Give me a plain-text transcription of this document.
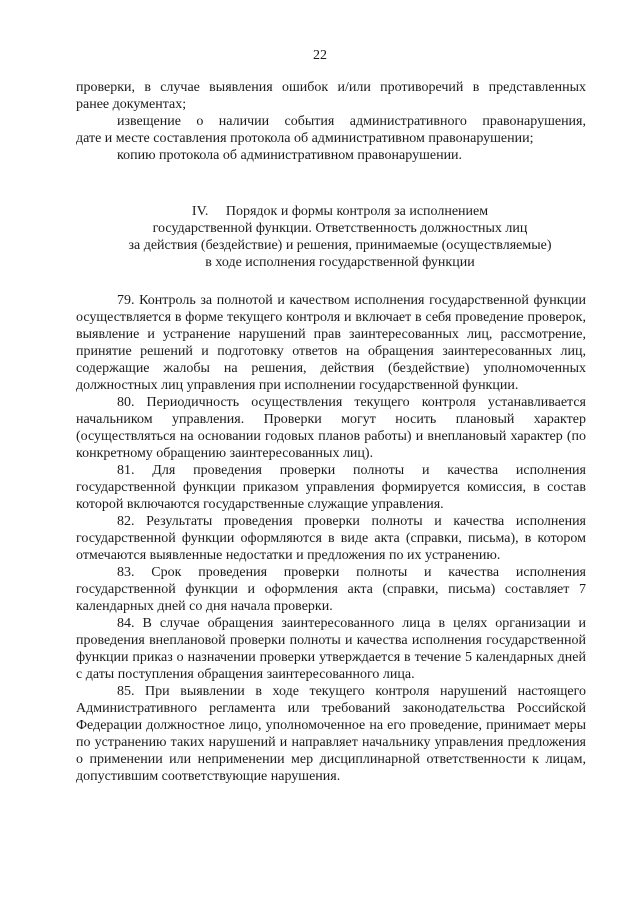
22
проверки, в случае выявления ошибок и/или противоречий в представленных
ранее документах;
извещение о наличии события административного правонарушения,
дате и месте составления протокола об административном правонарушении;
копию протокола об административном правонарушении.
IV.     Порядок и формы контроля за исполнением
государственной функции. Ответственность должностных лиц
за действия (бездействие) и решения, принимаемые (осуществляемые)
в ходе исполнения государственной функции

79. Контроль за полнотой и качеством исполнения государственной функции осуществляется в форме текущего контроля и включает в себя проведение проверок, выявление и устранение нарушений прав заинтересованных лиц, рассмотрение, принятие решений и подготовку ответов на обращения заинтересованных лиц, содержащие жалобы на решения, действия (бездействие) уполномоченных должностных лиц управления при исполнении государственной функции.

80. Периодичность осуществления текущего контроля устанавливается начальником управления. Проверки могут носить плановый характер (осуществляться на основании годовых планов работы) и внеплановый характер (по конкретному обращению заинтересованных лиц).

81. Для проведения проверки полноты и качества исполнения государственной функции приказом управления формируется комиссия, в состав которой включаются государственные служащие управления.

82. Результаты проведения проверки полноты и качества исполнения государственной функции оформляются в виде акта (справки, письма), в котором отмечаются выявленные недостатки и предложения по их устранению.

83. Срок проведения проверки полноты и качества исполнения государственной функции и оформления акта (справки, письма) составляет 7 календарных дней со дня начала проверки.

84. В случае обращения заинтересованного лица в целях организации и проведения внеплановой проверки полноты и качества исполнения государственной функции приказ о назначении проверки утверждается в течение 5 календарных дней с даты поступления обращения заинтересованного лица.

85. При выявлении в ходе текущего контроля нарушений настоящего Административного регламента или требований законодательства Российской Федерации должностное лицо, уполномоченное на его проведение, принимает меры по устранению таких нарушений и направляет начальнику управления предложения о применении или неприменении мер дисциплинарной ответственности к лицам, допустившим соответствующие нарушения.
